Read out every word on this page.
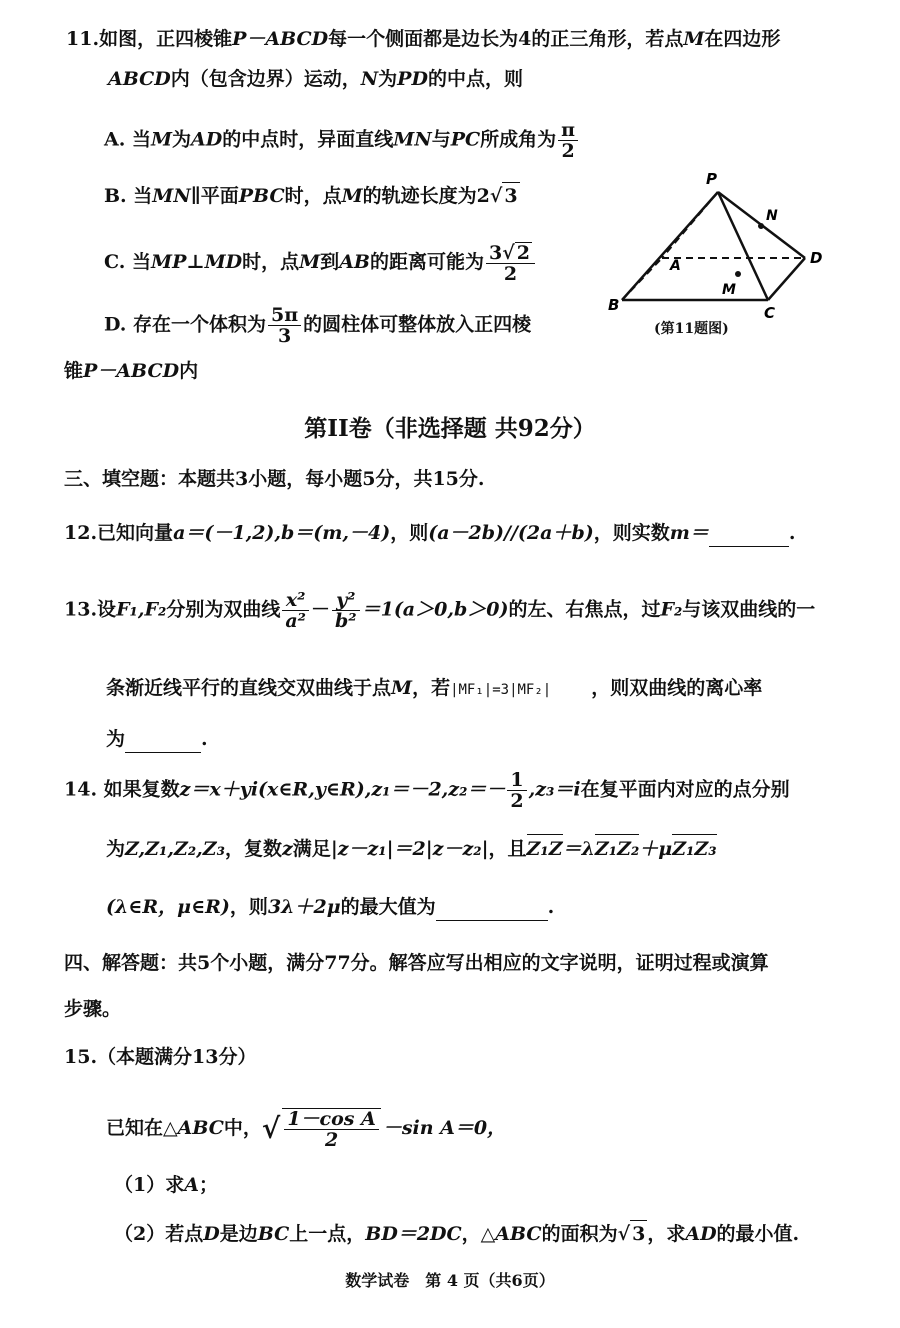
11.如图，正四棱锥P－ABCD每一个侧面都是边长为4的正三角形，若点M在四边形
ABCD内（包含边界）运动，N为PD的中点，则
A. 当M为AD的中点时，异面直线MN与PC所成角为 $\frac{\pi}{2}$
B. 当MN∥平面PBC时，点M的轨迹长度为2√ 3
C. 当MP⊥MD时，点M到AB的距离可能为 $\frac{3√ 2}{2}$
D. 存在一个体积为 $\frac{5\pi}{3}$ 的圆柱体可整体放入正四棱
锥P－ABCD内
P
N
A	D
B
M
C
(第11题图)
第II卷（非选择题 共92分）
三、填空题：本题共3小题，每小题5分，共15分.
12.已知向量a＝(－1,2),b＝(m,－4)，则(a－2b)//(2a＋b)，则实数m＝	.
13.设F₁,F₂分别为双曲线 $\frac{\text{x²}}{\text{a²}} - \frac{\text{y²}}{\text{b²}} =1(a>0,b>0)$的左、右焦点，过F₂与该双曲线的一
条渐近线平行的直线交双曲线于点M，若|MF₁|=3|MF₂| ，则双曲线的离心率
为	.
14. 如果复数z＝x＋yi(x∈R,y∈R),z₁＝－2,z₂＝－ $\frac{1}{2} ,z_3=i$在复平面内对应的点分别
为Z,Z₁,Z₂,Z₃，复数z满足|z－z₁|＝2|z－z₂|，且Z₁Z＝λZ₁Z₂＋μZ₁Z₃
(λ∈R，μ∈R)，则3λ＋2μ的最大值为	.
四、解答题：共5个小题，满分77分。解答应写出相应的文字说明，证明过程或演算
步骤。
15.（本题满分13分）
已知在△ABC中，√ $\frac{\text{1－cos A}}{2} -\sin$ A＝0，
（1）求A；
（2）若点D是边BC上一点，BD＝2DC，△ABC的面积为√ 3 ，求AD的最小值.
数学试卷　第 4 页（共6页）
